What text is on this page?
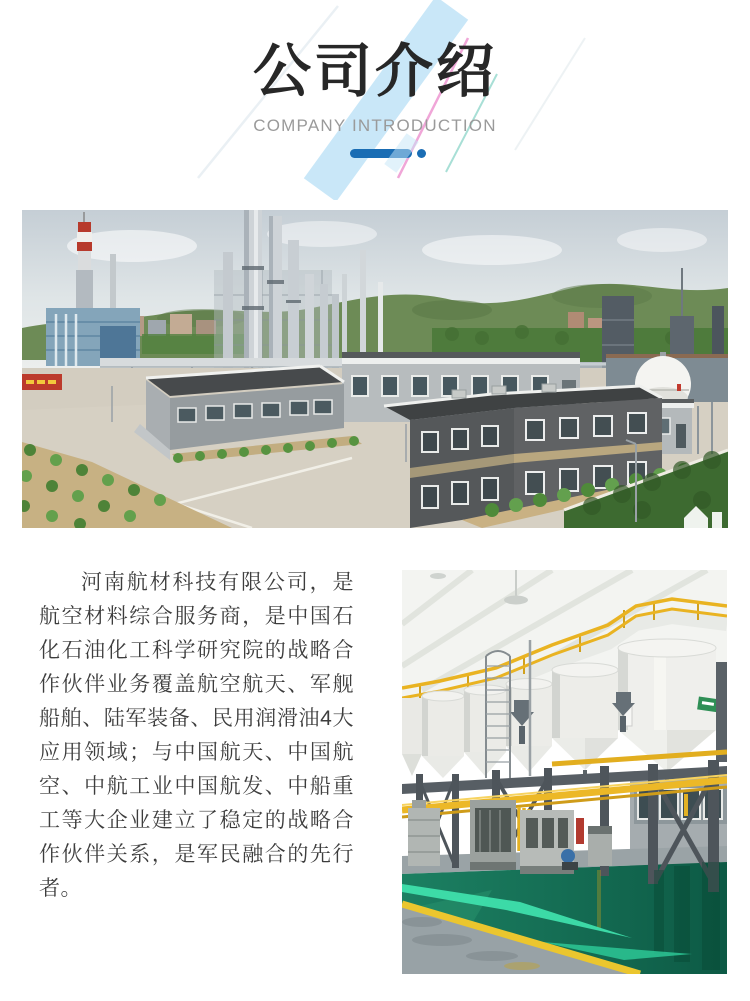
公司介绍
COMPANY INTRODUCTION

河南航材科技有限公司，是航空材料综合服务商，是中国石化石油化工科学研究院的战略合作伙伴业务覆盖航空航天、军舰船舶、陆军装备、民用润滑油4大应用领域；与中国航天、中国航空、中航工业中国航发、中船重工等大企业建立了稳定的战略合作伙伴关系，是军民融合的先行者。
